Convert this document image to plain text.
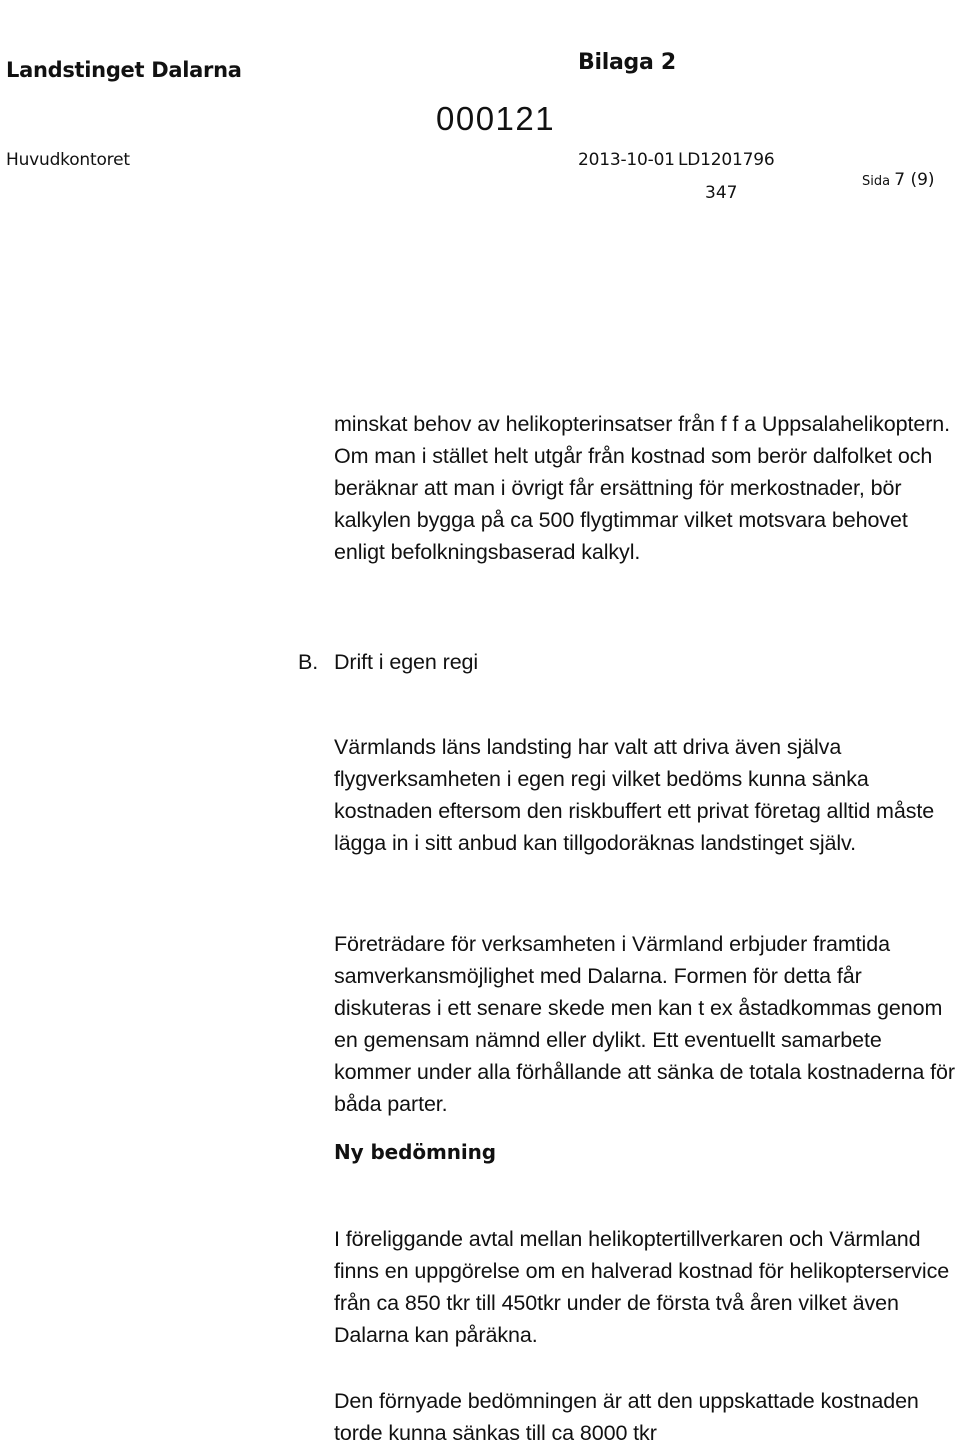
Landstinget Dalarna
Huvudkontoret
Bilaga 2
000121
2013-10-01 LD1201796
347
Sida 7 (9)

minskat behov av helikopterinsatser från f f a Uppsalahelikoptern. Om man i stället helt utgår från kostnad som berör dalfolket och beräknar att man i övrigt får ersättning för merkostnader, bör kalkylen bygga på ca 500 flygtimmar vilket motsvara behovet enligt befolkningsbaserad kalkyl.

B. Drift i egen regi

Värmlands läns landsting har valt att driva även själva flygverksamheten i egen regi vilket bedöms kunna sänka kostnaden eftersom den riskbuffert ett privat företag alltid måste lägga in i sitt anbud kan tillgodoräknas landstinget själv.

Företrädare för verksamheten i Värmland erbjuder framtida samverkansmöjlighet med Dalarna. Formen för detta får diskuteras i ett senare skede men kan t ex åstadkommas genom en gemensam nämnd eller dylikt. Ett eventuellt samarbete kommer under alla förhållande att sänka de totala kostnaderna för båda parter.

Ny bedömning

I föreliggande avtal mellan helikoptertillverkaren och Värmland finns en uppgörelse om en halverad kostnad för helikopterservice från ca 850 tkr till 450tkr under de första två åren vilket även Dalarna kan påräkna.

Den förnyade bedömningen är att den uppskattade kostnaden torde kunna sänkas till ca 8000 tkr
